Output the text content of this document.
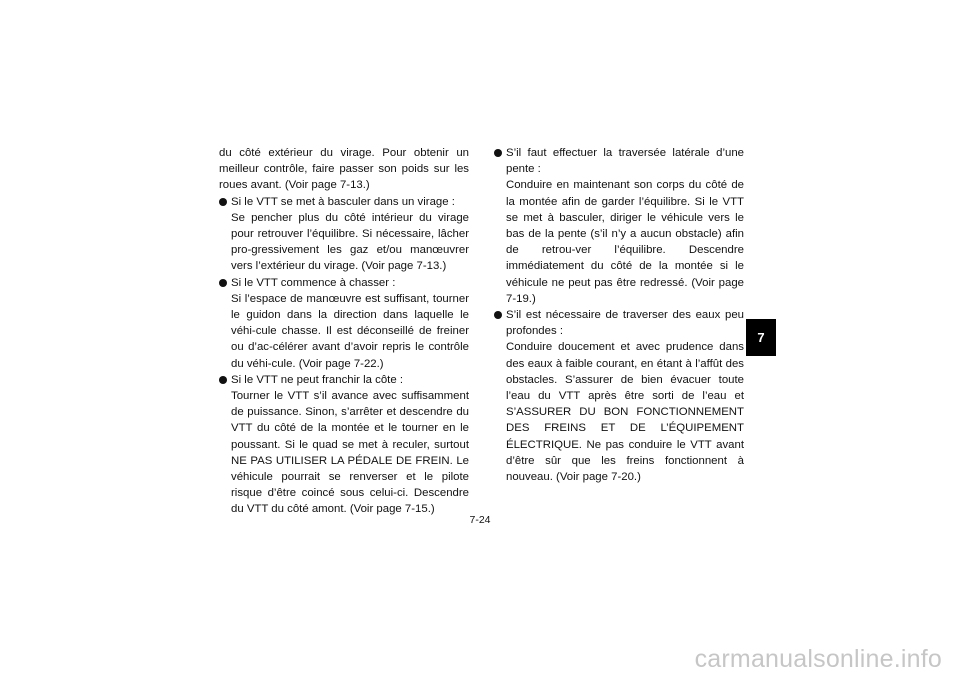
du côté extérieur du virage. Pour obtenir un meilleur contrôle, faire passer son poids sur les roues avant. (Voir page 7-13.)
Si le VTT se met à basculer dans un virage :
Se pencher plus du côté intérieur du virage pour retrouver l’équilibre. Si nécessaire, lâcher pro-gressivement les gaz et/ou manœuvrer vers l’extérieur du virage. (Voir page 7-13.)
Si le VTT commence à chasser :
Si l’espace de manœuvre est suffisant, tourner le guidon dans la direction dans laquelle le véhi-cule chasse. Il est déconseillé de freiner ou d’ac-célérer avant d’avoir repris le contrôle du véhi-cule. (Voir page 7-22.)
Si le VTT ne peut franchir la côte :
Tourner le VTT s’il avance avec suffisamment de puissance. Sinon, s’arrêter et descendre du VTT du côté de la montée et le tourner en le poussant. Si le quad se met à reculer, surtout NE PAS UTILISER LA PÉDALE DE FREIN. Le véhicule pourrait se renverser et le pilote risque d’être coincé sous celui-ci. Descendre du VTT du côté amont. (Voir page 7-15.)
S’il faut effectuer la traversée latérale d’une pente :
Conduire en maintenant son corps du côté de la montée afin de garder l’équilibre. Si le VTT se met à basculer, diriger le véhicule vers le bas de la pente (s’il n’y a aucun obstacle) afin de retrou-ver l’équilibre. Descendre immédiatement du côté de la montée si le véhicule ne peut pas être redressé. (Voir page 7-19.)
S’il est nécessaire de traverser des eaux peu profondes :
Conduire doucement et avec prudence dans des eaux à faible courant, en étant à l’affût des obstacles. S’assurer de bien évacuer toute l’eau du VTT après être sorti de l’eau et S’ASSURER DU BON FONCTIONNEMENT DES FREINS ET DE L’ÉQUIPEMENT ÉLECTRIQUE. Ne pas conduire le VTT avant d’être sûr que les freins fonctionnent à nouveau. (Voir page 7-20.)
7
7-24
carmanualsonline.info
